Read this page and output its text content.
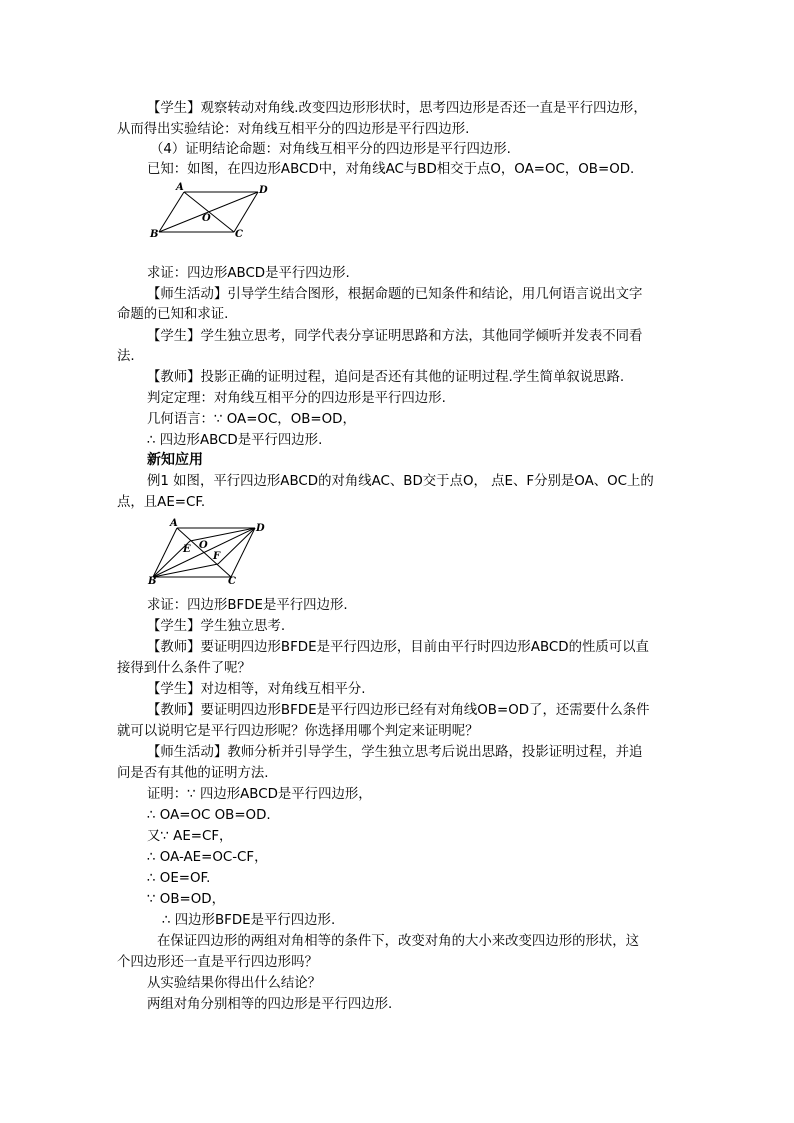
【学生】观察转动对角线.改变四边形形状时，思考四边形是否还一直是平行四边形，
从而得出实验结论：对角线互相平分的四边形是平行四边形.
（4）证明结论命题：对角线互相平分的四边形是平行四边形.
已知：如图，在四边形ABCD中，对角线AC与BD相交于点O，OA=OC，OB=OD.
A	D
O
B	C
求证：四边形ABCD是平行四边形.
【师生活动】引导学生结合图形，根据命题的已知条件和结论，用几何语言说出文字
命题的已知和求证.
【学生】学生独立思考，同学代表分享证明思路和方法，其他同学倾听并发表不同看
法.
【教师】投影正确的证明过程，追问是否还有其他的证明过程.学生简单叙说思路.
判定定理：对角线互相平分的四边形是平行四边形.
几何语言：∵ OA=OC，OB=OD，
∴ 四边形ABCD是平行四边形.
新知应用
例1 如图，平行四边形ABCD的对角线AC、BD交于点O， 点E、F分别是OA、OC上的
点，且AE=CF.
A	D
E O
F
B	C
求证：四边形BFDE是平行四边形.
【学生】学生独立思考.
【教师】要证明四边形BFDE是平行四边形，目前由平行时四边形ABCD的性质可以直
接得到什么条件了呢？
【学生】对边相等，对角线互相平分.
【教师】要证明四边形BFDE是平行四边形已经有对角线OB=OD了，还需要什么条件
就可以说明它是平行四边形呢？你选择用哪个判定来证明呢？
【师生活动】教师分析并引导学生，学生独立思考后说出思路，投影证明过程，并追
问是否有其他的证明方法.
证明：∵ 四边形ABCD是平行四边形，
∴ OA=OC OB=OD.
又∵ AE=CF，
∴ OA-AE=OC-CF，
∴ OE=OF.
∵ OB=OD，
∴ 四边形BFDE是平行四边形.
在保证四边形的两组对角相等的条件下，改变对角的大小来改变四边形的形状，这
个四边形还一直是平行四边形吗？
从实验结果你得出什么结论？
两组对角分别相等的四边形是平行四边形.
